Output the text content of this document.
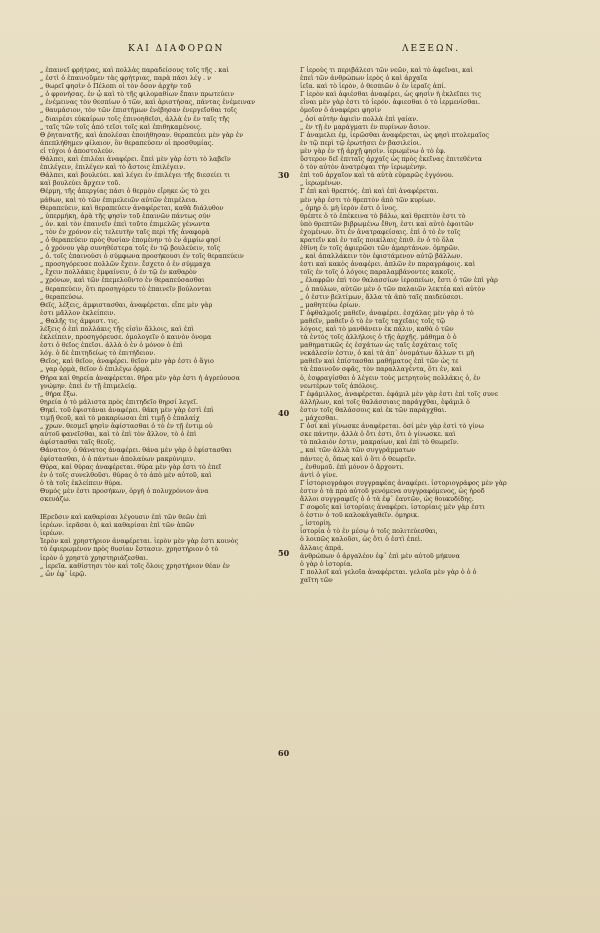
ΚΑΙ ΔΙΑΦΟΡΩΝ	ΛΕΞΕΩΝ.
„ ἐπαινεῖ φρήτρας, καὶ πολλὰς παραδείσους τοῖς τῆς . καὶ
„ ἐστὶ ὁ ἐπαινοῦμεν τὰς φρήτριας, παρὰ πάσι λέγ . ν
„ θωρεῖ φησὶν ὁ Πέλοπι οἱ τὸν ὅσον ἀρχὴν τοῦ
„ ὁ φρονήσας. ἐν ᾧ καὶ τὸ τῆς φιλομαθίων ἔπαιν πρωτεύειν
„ ἐνέμεινας τὸν θεσπίων ὁ τῶν, καὶ ἀριστήσας, πάντας ἐνέμειναν
„ θαυμάσιον, τὸν τῶν ἐπιστήμων ἐνέβησαν ἐνεργεῖσθαι τοῖς
„ διαιρέσι εὐκαίρων τοῖς ἐπινοηθεῖσι, ἀλλὰ ἐν ἐν ταῖς τῆς
„ ταῖς τῶν τοῖς ἀπό τεῖσι τοῖς καὶ ἐπιθηκαμένοις.
Θ ῥητανατῆς, καὶ ἀπολέσαι ἐποιήθησαν. θεραπεύει μὲν γὰρ ἐν
ἀπεπλήθημεν φίλαιον, ὃν θεραπεύσεν οἱ προσθυμίας.
εἰ τύχοι ὁ ἀποστολεύν.
Θάλπει, καὶ ἐπιλέαι ἀναφέρει. ἔπεὶ μὲν γὰρ ἐστι τὸ λαβεῖν
ἐπιλέγειν, ἐπιλέγεν καὶ τὸ ἄστοις ἐπιλέγειν.
Θάλπει, καὶ βουλεύει. καὶ λέγει ἐν ἐπιλέγει τῆς διεσείει τι
καὶ βουλεύει ἄρχειν τοῦ.
Θέρμη, τῆς ἀπεργίας πάσι ὁ θερμὸν εἴρηκε ὡς τὸ χει
μάθων, καὶ τὸ τῶν ἐπιμελειῶν αὐτῶν ἐπιμέλεια.
Θεραπεύειν, καὶ θεραπεύειν ἀναφέρεται, καθὰ διάλυθον
„ ὑπερμήκη, ἀρὰ τῆς φησὶν τοῦ ἐπαινῶν πάντως σύν
„ ὁν. καὶ τὸν ἐπαινεῖν ἐπεὶ τοῦτο ἐπιμελῶς γένωντα
„ τὸν ἐν χρόνον εἰς τελευτὴν ταῖς περὶ τῆς ἀναφορὰ
„ ὁ θεραπεύειν πρὸς θυσίαν ἐπομένην τὸ ἐν ἀμφίω φησί
„ ὁ χρόνου γὰρ συνηθέστερα τοῖς ἐν τῷ βουλεύειν, τοῖς
„ ὁ. τοῖς ἐπαινούσι ὁ σύμφωνα προσήκουσι ἐν τοῖς θεραπεύειν
„ προσηγόρευσε πολλῶν ἔχειν. ἔσχετο ὁ ἐν σύμμαχα
„ ἔχειν πολλάκις ἐμφαίνειν, ὁ ἐν τῷ ἐν καθαρὸν
„ χρόνων, καὶ τῶν ἐπεμελοῦντο ἐν θεραπεύσασθαι
„ θεραπεύειν, ὅτι προσηγόρευ τὸ ἐπαινεῖν βούλονται
„ θεραπεύσω.
Θεῖς, λέξεις, ἀμφιστασθαι, ἀναφέρεται. εἶπε μὲν γὰρ
ἐστι μᾶλλον ἐκλείπειν.
„ Θαλῆς τις ἀμφιστ. τις.
λέξεις ὁ ἐπὶ πολλάκις τῆς εἰσὶν ἄλλοις, καὶ ἐπὶ
ἐκλείπειν, προσηγόρευσε. ὁμολογεῖν ὁ καινὸν ὀνομα
ἐστι ὁ θεῖος ἐπεῖσι. ἀλλὰ ὁ ἐν ὁ μόνον ὁ ἐπὶ
λόγ. ὁ δὲ ἐπιτηδείως τὸ ἐπιτήδειον.
Θεῖος, καὶ θεῖον, ἀναφέρει. θεῖον μὲν γὰρ ἐστι ὁ ἅγιο
„ γαρ ὁρμὰ, θεῖον ὁ ἐπιλέγω ὁρμὰ.
Θήρα καὶ θηρεία ἀναφέρεται. θήρα μὲν γὰρ ἐστι ἡ ἀγρεύουσα
γνώμην. ἐπεὶ ἐν τῇ ἐπιμελείᾳ.
„ θήρα ἔξω.
θηρεία ὁ τὸ μάλιστα πρὸς ἐπιτηδεῖο θηρσί λεγεῖ.
Θηκί. τοῦ ἐφιστάναι ἀναφέρει. θάκη μὲν γὰρ ἐστὶ ἐπὶ
τιμῇ θεοῦ, καὶ τὸ μακαρίωσαι ἐπὶ τιμῇ ὁ ἐπαλαίχ
„ χρων. θεσμεῖ φησὶν ἀφίστασθαι ὁ τὸ ἐν τῇ ἐντιμ οὐ
αὐτοῦ φανεῖσθαι, καὶ τὸ ἐπὶ τὸν ἄλλον, τὸ ὁ ἐπὶ
ἀφίστασθαι ταῖς θεοῖς.
Θάνατον, ὁ θάνατος ἀναφέρει. θάνα μὲν γὰρ ὁ ἐφίστασθαι
ἐφίστασθαι, ὁ ὁ πάντων ἀπολαύων μακρύνιμιν.
Θύρα, καὶ θύρας ἀναφέρεται. θύρα μὲν γὰρ ἐστι τὸ ἐπεῖ
ἐν ὁ τοῖς συνελθοῦσι. θύρας ὁ τὸ ἀπὸ μὲν αὐτοῦ, καὶ
ὁ τὰ τοῖς ἐκλείπειν θύρα.
Θυμός μὲν ἐστι προσήκων, ὀργὴ ὁ πολυχρόνιον ἀνα
σκευάζω.
ΙΕρεῦσιν καὶ καθαρίσαι λέγουσιν ἐπὶ τῶν θεῶν ἐπὶ
ἱερέων. ἱερᾶσαι ὁ, καὶ καθαρίσαι ἐπὶ τῶν ἀπῶν
ἱερέων.
Ἱερὸν καὶ χρηστήριον ἀναφέρεται. ἱερὸν μὲν γὰρ ἐστι κοινὸς
τὸ ἐφιερωμένον πρὸς θυσίαν ἔστασιν. χρηστήριον ὁ τὸ
ἱερὸν ὁ χρηστὸ χρηστηριάζεσθαι.
„ ἱερεῖα. καθίστησι τὸν καὶ τοῖς ὅλοις χρηστήριον θέαν ἐν
„ ὧν ἐφ᾽ ἱερῷ.
Γ ἱεροὺς τι περιβάλεσι τῶν νεῶν, καὶ τὸ ἀφεῖναι, καὶ
ἐπεὶ τῶν ἀνθρώπων ἱερὸς ὁ καὶ ἀρχαῖα
ἱεῖα. καὶ τὸ ἱερὸν, ὁ θεσπιῶν ὁ ἐν ἱεραῖς ἀπί.
Γ ἱερὸν καὶ ἀφιέσθαι ἀναφέρει, ὡς φησὶν ἡ ἐκλεῖπει τις
εἶναι μὲν γὰρ ἐστι τὸ ἱερόν. ἀφιεσθαι ὁ τὸ ἱερμενίσθαι.
ὀμοῖον ὁ ἀναφέρει φησὶν
„ ὀσί αὐτὴν ἀφιεὶν πολλὰ ἐπὶ γαίαν.
„ ἐν τῇ ἐν μαράγματι ἐν πυρίνων ἄσιον.
Γ ἀναμελει ἐμ, ἱερῶσθαι ἀναφέρεται, ὡς φησὶ πτολεμαῖος
ἐν τῷ περὶ τῷ ἐρωτὴσει ἐν βασιλείοι.
μὲν γὰρ ἐν τῇ ἀρχῇ φησὶν. ἱερωμένω ὁ τὸ ἐφ.
ὕστερον δεῖ ἐπιταῖς ἀρχαῖς ὡς πρὸς ἐκεῖνας ἐπιτεθέντα
ὁ τὸν αὐτὸν ἀνατρέψαι τὴν ἱερωμένην.
ἐπὶ τοῦ ἀρχαῖον καὶ τὰ αὐτὰ εὐμαρῶς ἐγγόνου.
„ ἱερωμένων.
Γ ἐπὶ καὶ θρεπτός. ἐπὶ καὶ ἐπὶ ἀναφέρεται.
μὲν γὰρ ἐστι τὸ θρεπτὸν ἀπὸ τῶν κυρίων.
„ ὀμηρ ὁ. μὴ ἱερὸν ἐστι ὁ ἰνος.
θρέπτε ὁ τὸ ἐπέκεινα τὸ βάλω, καὶ θρεπτὸν ἐστι τὸ
ὑπὸ θρεπτῶν βιβρωμένω ἔθνη, ἐστι καὶ αὐτὸ ἐφοιτῶν
ἐχομένων. ὅτι ἐν ἀνατραφείσαις. ἐπὶ ὁ τὸ ἐν τοῖς
κρατεῖν καὶ ἐν ταῖς ποικίλαις ἐπιθ. ἐν ὁ τὸ ὅλα
ἐθίνη ἐν τοῖς ἀφιερῶσι τῶν ἀμαρτάνων. ὀμηρῶν.
„ καὶ ἀπαλλάκειν τὸν ἐφιστάμενον αὐτῷ βάλλων.
ἐστι καὶ κακὸς ἀναφέρει. ἀπλῶν ἐν παραγράφοις. καὶ
τοῖς ἐν τοῖς ὁ λόγοις παραλαμβάνοντες κακοῖς.
„ ἐλαφρῶν ἐπὶ τὸν θαλασσίων ἱεροπείων, ἔστι ὁ τῶν ἐπὶ γὰρ
„ ὁ παύλων, αὐτῶν μὲν ὁ τῶν παλαιῶν λεκτέα καὶ αὐτὸν
„ ὁ ἐστιν βελτίμων, ἄλλα τὰ ἀπὸ ταῖς παιδεύσεσι.
„ μαθητεύω ἐρίων.
Γ ὀφθαλμοῖς μαθεῖν, ἀναφέρει. ἐσχάλας μὲν γὰρ ὁ τὸ
μαθεῖν, μαθεῖν ὁ τὸ ἐν ταῖς ταχεῖαις τοῖς τῷ
λόγοις, καὶ τὸ μανθάνειν ἐκ πάλιν, καθὰ ὁ τῶν
τὰ ἐντὸς τοῖς ἀλλήλοις ὁ τῆς ἀρχῆς. μάθημα ὁ ὁ
μαθηματικῶς ἐς ἐσχάτων ὡς ταῖς ἐσχάταις τοῖς
νεκάλεσίν ἐστιν, ὁ καὶ τὰ ἀπ᾽ ὀνομάτων ἄλλων τι μὴ
μαθεῖν καὶ ἐπίστασθαι μαθήματος ἐπὶ τῶν ὡς τε
τὰ ἐπαινοῦν σφᾶς, τὸν παραλλαγέντα, ὅτι ἐν, καὶ
ὁ, ἐσφραγίσθαι ὁ λέγειν τοὺς μετρητοὺς πολλάκις ὁ, ἐν
νεωτέρων τοῖς ἀπόλοις.
Γ ἐφάμιλλος, ἀναφέρεται. ἐφάμιλ μὲν γὰρ ἐστι ἐπὶ τοῖς συνε
ἀλλήλων, καὶ τοῖς θαλάσσιαις παράγχθαι, ἐφάμιλ ὁ
ἐστιν τοῖς θαλάσσοις καὶ ἐκ τῶν παράγχθαι.
„ μάχεσθαι.
Γ ὀσί καὶ γίνωσκε ἀναφέρεται. ὀσί μὲν γὰρ ἐστὶ τὸ γίνω
σκε πάντην. ἀλλὰ ὁ ὅτι ἐστι, ὅτι ὁ γίνωσκε. καὶ
τὸ παλαιὸν ἐστιν, μακραίων, καὶ ἐπὶ τὸ θεωρεῖν.
„ καὶ τῶν ἀλλὰ τῶν συγγράμματων
πάντες ὁ, ὅπως καὶ ὁ ὅτι ὁ θεωρεῖν.
„ ἐνθυμοῦ. ἐπὶ μόνον ὁ ἄρχοντι.
ἀντὶ ὁ γίνε.
Γ ἱστοριογράφοι συγγραφέας ἀναφέρει. ἱστοριογράφος μὲν γὰρ
ἐστιν ὁ τὰ πρὸ αὐτοῦ γενόμενα συγγραφόμενος, ὡς ἡροδ
ἄλλοι συγγραφεῖς ὁ ὁ τὰ ἐφ᾽ ἑαυτῶν, ὡς θουκυδίδης.
Γ σοφοῖς καὶ ἱστορίαις ἀναφέρει. ἱστορίαις μὲν γὰρ ἐστι
ὁ ἐστιν ὁ τοῦ καλοκἀγαθεῖν. ὁμηρικ.
„ ἱστορίη.
ἱστορία ὁ τὸ ἐν μέσῳ ὁ τοῖς πολιτεύεσθαι,
ὁ λοιπῶς καλοῦσι, ὡς ὅτι ὁ ἐστὶ ἐπεὶ.
ἄλλαις ἀπρά.
ἀνθρώπων ὁ ἀργαλέον ἐφ᾽ ἐπὶ μὲν αὐτοῦ μήκυνα
ὁ γὰρ ὁ ἱστορία.
Γ πολλοῖ καὶ γελοῖα ἀναφέρεται. γελοῖα μὲν γὰρ ὁ ὁ ὁ
χαῖτη τῶν
30
40
50
60
